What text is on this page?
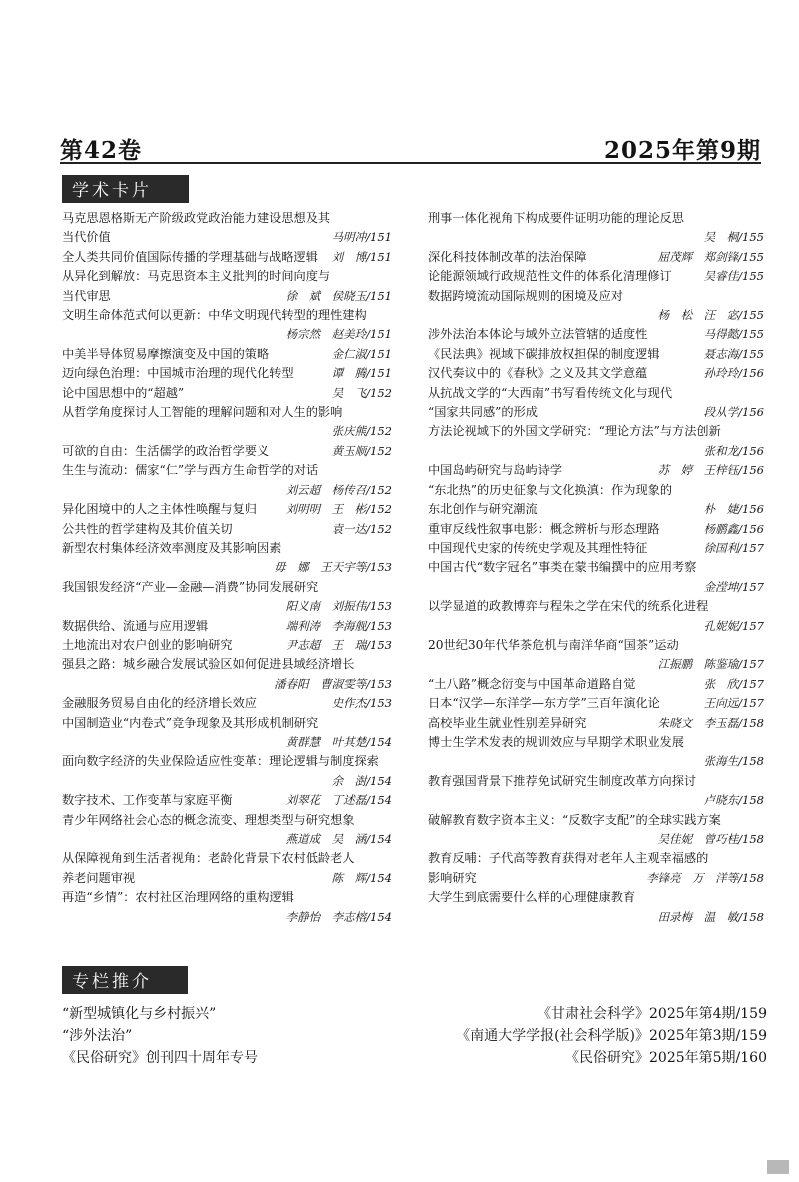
第42卷	2025年第9期
学术卡片
马克思恩格斯无产阶级政党政治能力建设思想及其
当代价值	马明冲/151
全人类共同价值国际传播的学理基础与战略逻辑	刘　博/151
从异化到解放：马克思资本主义批判的时间向度与
当代审思	徐　斌　侯晓玉/151
文明生命体范式何以更新：中华文明现代转型的理性建构
杨宗然　赵美玲/151
中美半导体贸易摩擦演变及中国的策略	金仁淑/151
迈向绿色治理：中国城市治理的现代化转型	谭　腾/151
论中国思想中的“超越”	吴　飞/152
从哲学角度探讨人工智能的理解问题和对人生的影响
张庆熊/152
可欲的自由：生活儒学的政治哲学要义	黄玉顺/152
生生与流动：儒家“仁”学与西方生命哲学的对话
刘云超　杨传召/152
异化困境中的人之主体性唤醒与复归	刘明明　王　彬/152
公共性的哲学建构及其价值关切	袁一达/152
新型农村集体经济效率测度及其影响因素
毋　娜　王天宇等/153
我国银发经济“产业—金融—消费”协同发展研究
阳义南　刘振伟/153
数据供给、流通与应用逻辑	端利涛　李海舰/153
土地流出对农户创业的影响研究	尹志超　王　瑞/153
强县之路：城乡融合发展试验区如何促进县域经济增长
潘春阳　曹淑雯等/153
金融服务贸易自由化的经济增长效应	史作杰/153
中国制造业“内卷式”竞争现象及其形成机制研究
黄群慧　叶其楚/154
面向数字经济的失业保险适应性变革：理论逻辑与制度探索
余　澍/154
数字技术、工作变革与家庭平衡	刘翠花　丁述磊/154
青少年网络社会心态的概念流变、理想类型与研究想象
燕道成　吴　涵/154
从保障视角到生活者视角：老龄化背景下农村低龄老人
养老问题审视	陈　辉/154
再造“乡情”：农村社区治理网络的重构逻辑
李静怡　李志榕/154
刑事一体化视角下构成要件证明功能的理论反思
吴　桐/155
深化科技体制改革的法治保障	屈茂辉　郑剑锋/155
论能源领域行政规范性文件的体系化清理修订	吴睿佳/155
数据跨境流动国际规则的困境及应对
杨　松　汪　宓/155
涉外法治本体论与域外立法管辖的适度性	马得懿/155
《民法典》视域下碳排放权担保的制度逻辑	聂志海/155
汉代奏议中的《春秋》之义及其文学意蕴	孙玲玲/156
从抗战文学的“大西南”书写看传统文化与现代
“国家共同感”的形成	段从学/156
方法论视域下的外国文学研究：“理论方法”与方法创新
张和龙/156
中国岛屿研究与岛屿诗学	苏　婷　王梓钰/156
“东北热”的历史征象与文化换滇：作为现象的
东北创作与研究潮流	朴　婕/156
重审反线性叙事电影：概念辨析与形态理路	杨鹏鑫/156
中国现代史家的传统史学观及其理性特征	徐国利/157
中国古代“数字冠名”事类在蒙书编撰中的应用考察
金滢坤/157
以学显道的政教博弈与程朱之学在宋代的统系化进程
孔妮妮/157
20世纪30年代华茶危机与南洋华商“国茶”运动
江振鹏　陈鉴瑜/157
“土八路”概念衍变与中国革命道路自觉	张　欣/157
日本“汉学—东洋学—东方学”三百年演化论	王向远/157
高校毕业生就业性别差异研究	朱晓文　李玉磊/158
博士生学术发表的规训效应与早期学术职业发展
张海生/158
教育强国背景下推荐免试研究生制度改革方向探讨
卢晓东/158
破解教育数字资本主义：“反数字支配”的全球实践方案
吴佳妮　曾巧桂/158
教育反哺：子代高等教育获得对老年人主观幸福感的
影响研究	李锋亮　万　洋等/158
大学生到底需要什么样的心理健康教育
田录梅　温　敏/158
专栏推介
“新型城镇化与乡村振兴”	《甘肃社会科学》2025年第4期/159
“涉外法治”	《南通大学学报(社会科学版)》2025年第3期/159
《民俗研究》创刊四十周年专号	《民俗研究》2025年第5期/160
